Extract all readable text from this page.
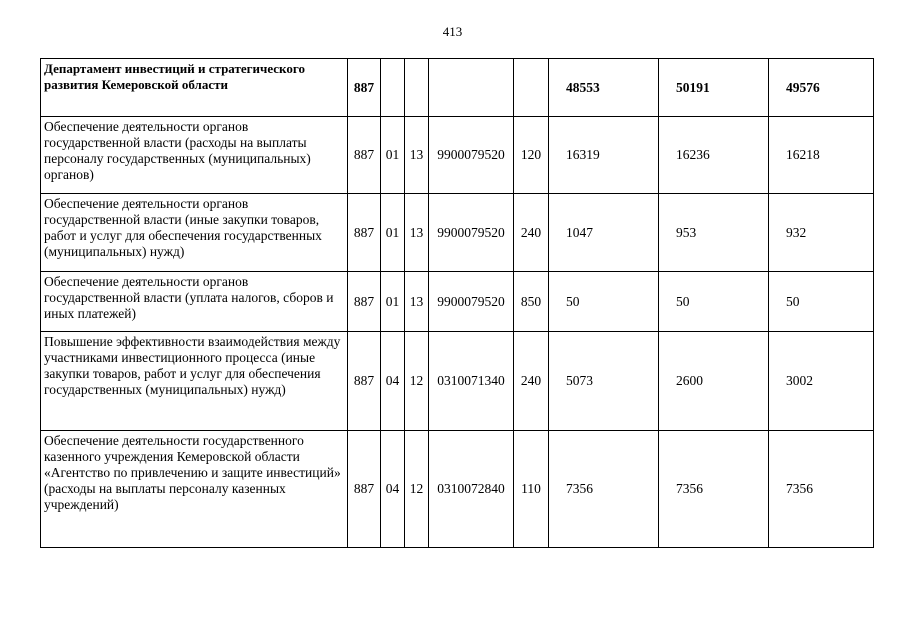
413
Департамент инвестиций и стратегического развития Кемеровской области	887					48553	50191	49576
Обеспечение деятельности органов государственной власти (расходы на выплаты персоналу государственных (муниципальных) органов)	887	01	13	9900079520	120	16319	16236	16218
Обеспечение деятельности органов государственной власти (иные закупки товаров, работ и услуг для обеспечения государственных (муниципальных) нужд)	887	01	13	9900079520	240	1047	953	932
Обеспечение деятельности органов государственной власти (уплата налогов, сборов и иных платежей)	887	01	13	9900079520	850	50	50	50
Повышение эффективности взаимодействия между участниками инвестиционного процесса (иные закупки товаров, работ и услуг для обеспечения государственных (муниципальных) нужд)	887	04	12	0310071340	240	5073	2600	3002
Обеспечение деятельности государственного казенного учреждения Кемеровской области «Агентство по привлечению и защите инвестиций» (расходы на выплаты персоналу казенных учреждений)	887	04	12	0310072840	110	7356	7356	7356
